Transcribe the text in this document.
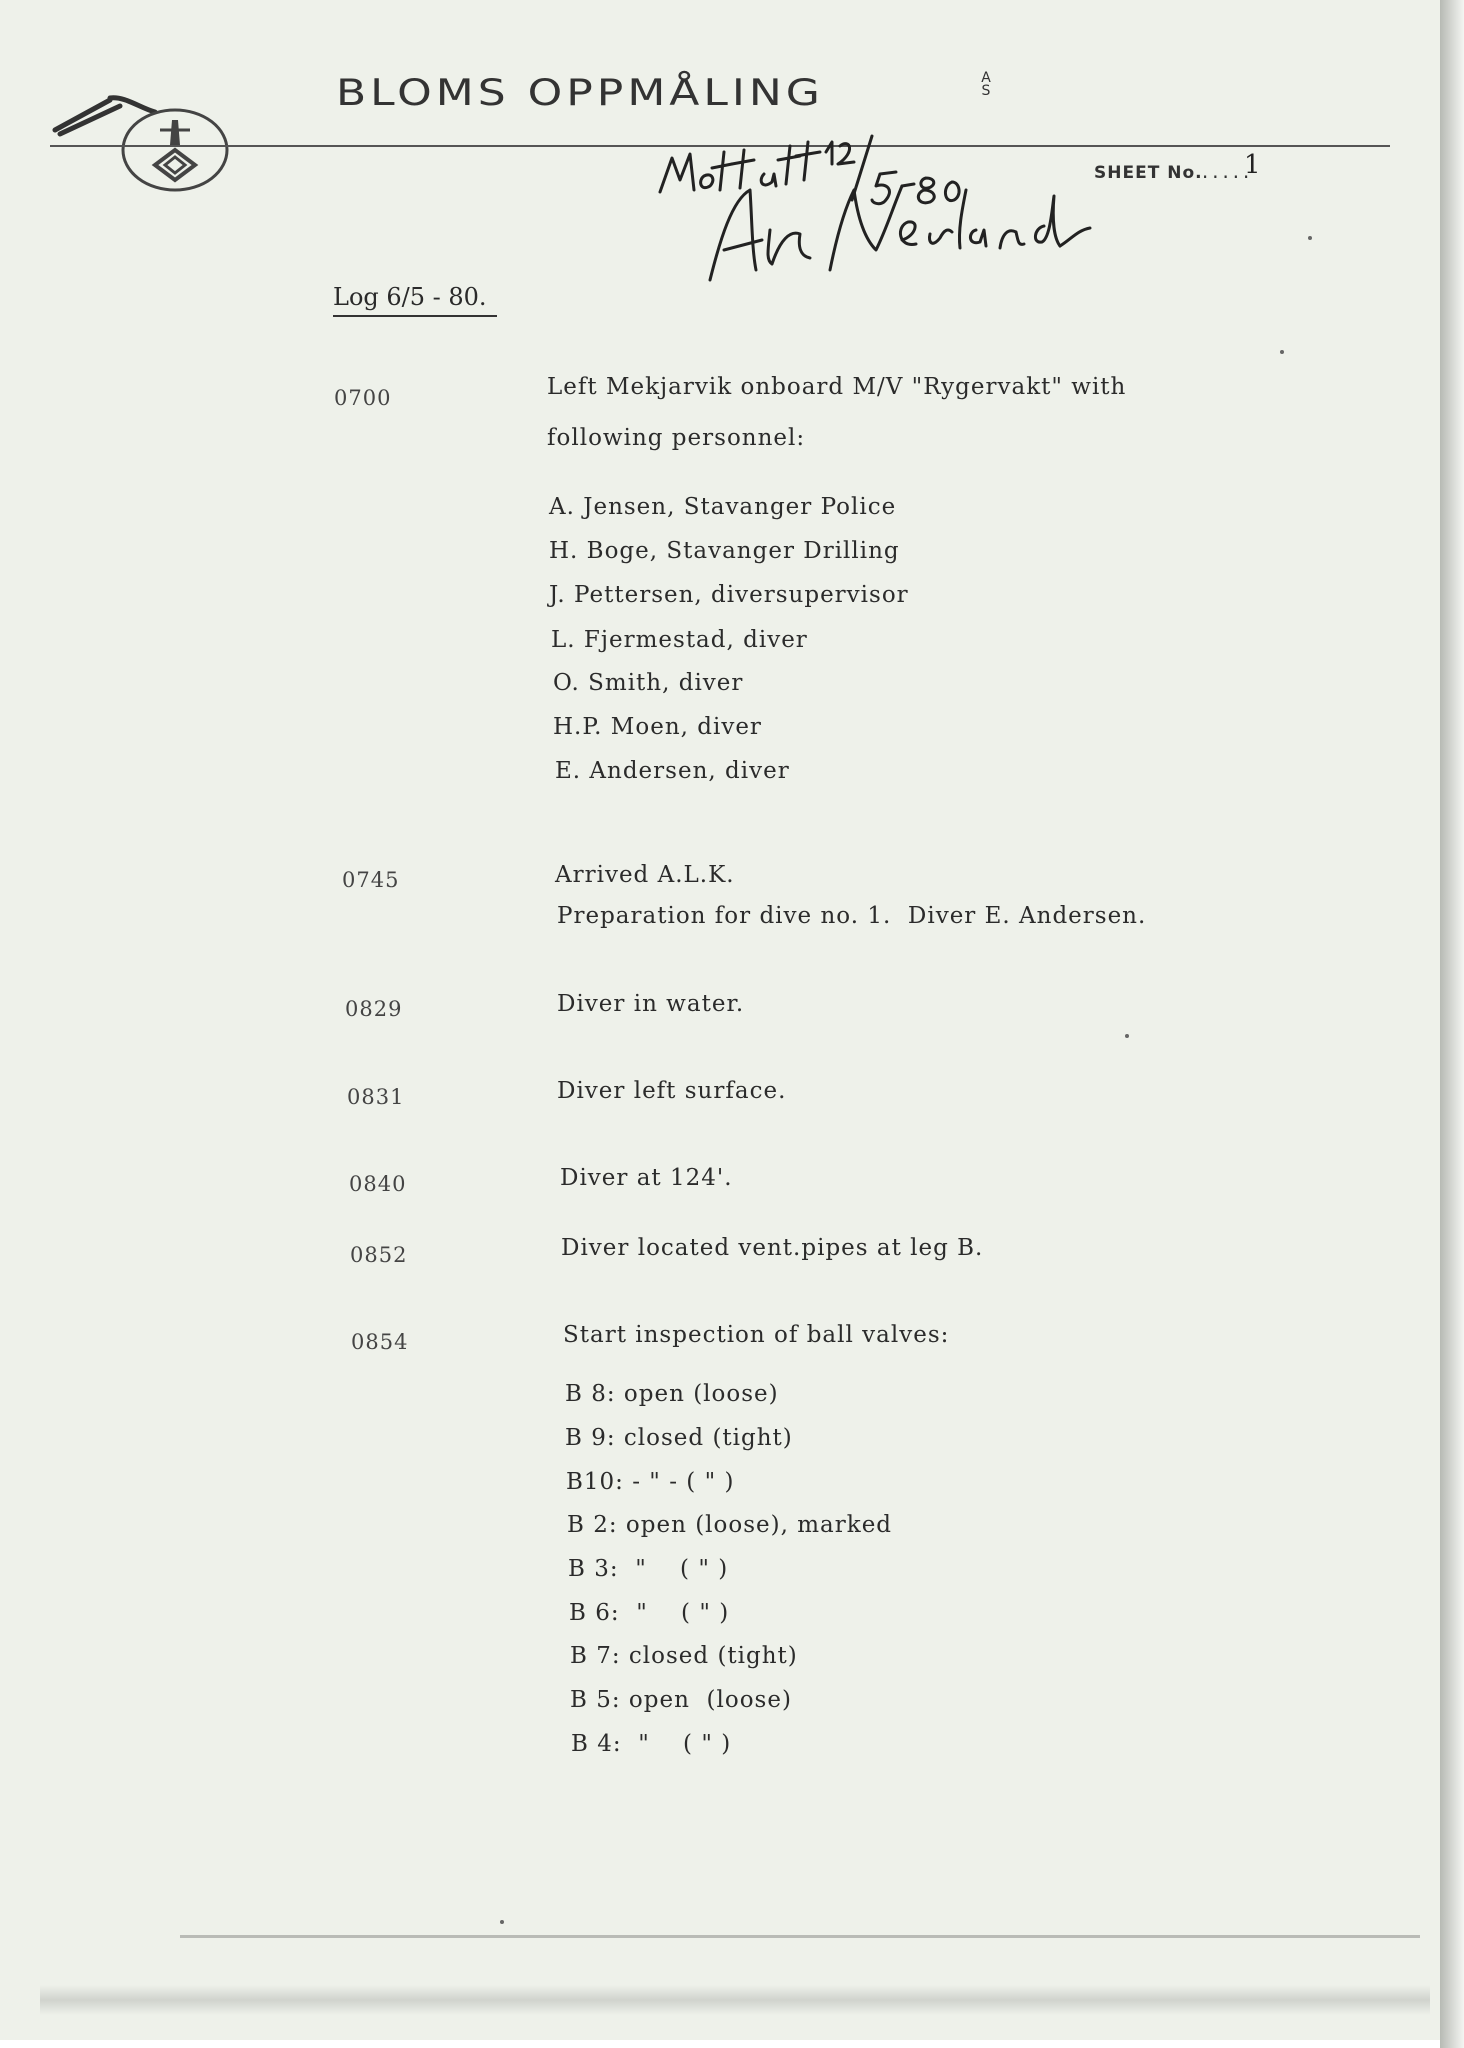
BLOMS OPPMÅLING	A
S
SHEET No.
.....
1
Log 6/5 - 80.
0700	Left Mekjarvik onboard M/V "Rygervakt" with
following personnel:
A. Jensen, Stavanger Police
H. Boge, Stavanger Drilling
J. Pettersen, diversupervisor
L. Fjermestad, diver
O. Smith, diver
H.P. Moen, diver
E. Andersen, diver
0745	Arrived A.L.K.
Preparation for dive no. 1.  Diver E. Andersen.
0829	Diver in water.
0831	Diver left surface.
0840	Diver at 124'.
0852	Diver located vent.pipes at leg B.
0854	Start inspection of ball valves:
B 8: open (loose)
B 9: closed (tight)
B10: - " - ( " )
B 2: open (loose), marked
B 3:  "    ( " )
B 6:  "    ( " )
B 7: closed (tight)
B 5: open  (loose)
B 4:  "    ( " )
